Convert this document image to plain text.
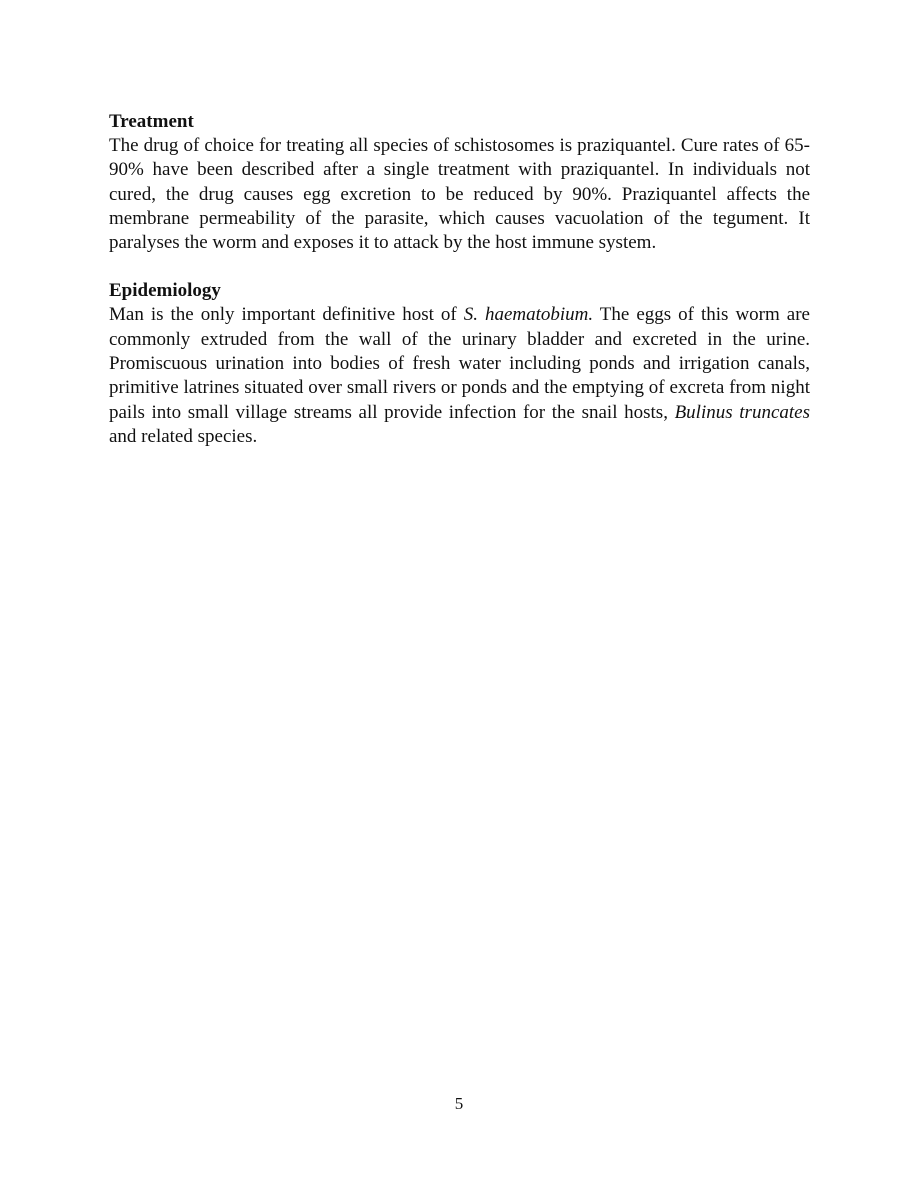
Treatment

The drug of choice for treating all species of schistosomes is praziquantel. Cure rates of 65-90% have been described after a single treatment with praziquantel. In individuals not cured, the drug causes egg excretion to be reduced by 90%. Praziquantel affects the membrane permeability of the parasite, which causes vacuolation of the tegument. It paralyses the worm and exposes it to attack by the host immune system.

Epidemiology

Man is the only important definitive host of S. haematobium. The eggs of this worm are commonly extruded from the wall of the urinary bladder and excreted in the urine. Promiscuous urination into bodies of fresh water including ponds and irrigation canals, primitive latrines situated over small rivers or ponds and the emptying of excreta from night pails into small village streams all provide infection for the snail hosts, Bulinus truncates and related species.

5
